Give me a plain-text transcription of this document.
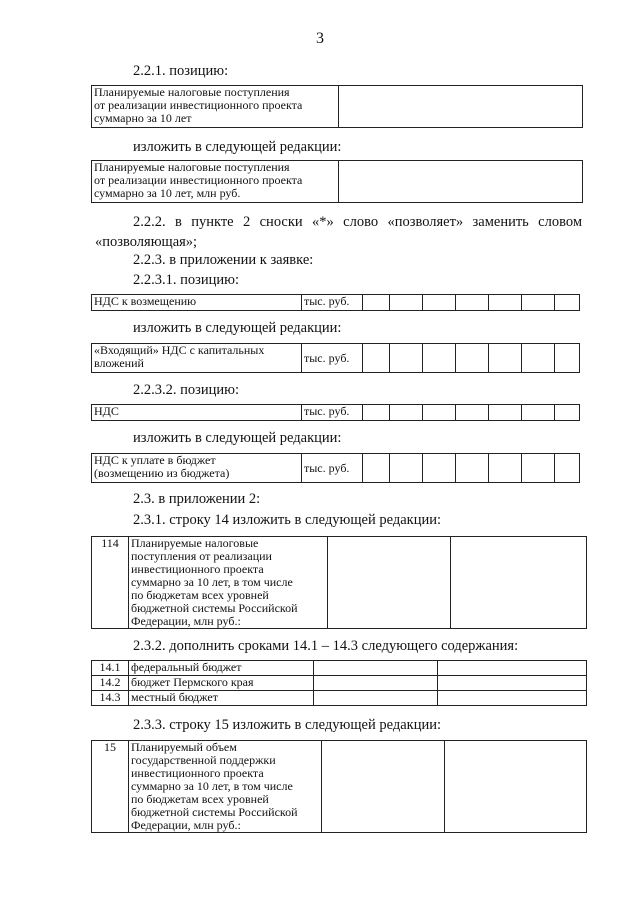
3
2.2.1. позицию:
Планируемые налоговые поступления
от реализации инвестиционного проекта
суммарно за 10 лет

изложить в следующей редакции:
Планируемые налоговые поступления
от реализации инвестиционного проекта
суммарно за 10 лет, млн руб.

2.2.2. в пункте 2 сноски «*» слово «позволяет» заменить словом «позволяющая»;
2.2.3. в приложении к заявке:
2.2.3.1. позицию:
НДС к возмещению	тыс. руб.							
изложить в следующей редакции:
«Входящий» НДС с капитальных
вложений	тыс. руб.							
2.2.3.2. позицию:
НДС	тыс. руб.							
изложить в следующей редакции:
НДС к уплате в бюджет
(возмещению из бюджета)	тыс. руб.							
2.3. в приложении 2:
2.3.1. строку 14 изложить в следующей редакции:
114	Планируемые налоговые
поступления от реализации
инвестиционного проекта
суммарно за 10 лет, в том числе
по бюджетам всех уровней
бюджетной системы Российской
Федерации, млн руб.:

2.3.2. дополнить сроками 14.1 – 14.3 следующего содержания:
14.1	федеральный бюджет		
14.2	бюджет Пермского края		
14.3	местный бюджет		
2.3.3. строку 15 изложить в следующей редакции:
15	Планируемый объем
государственной поддержки
инвестиционного проекта
суммарно за 10 лет, в том числе
по бюджетам всех уровней
бюджетной системы Российской
Федерации, млн руб.:
